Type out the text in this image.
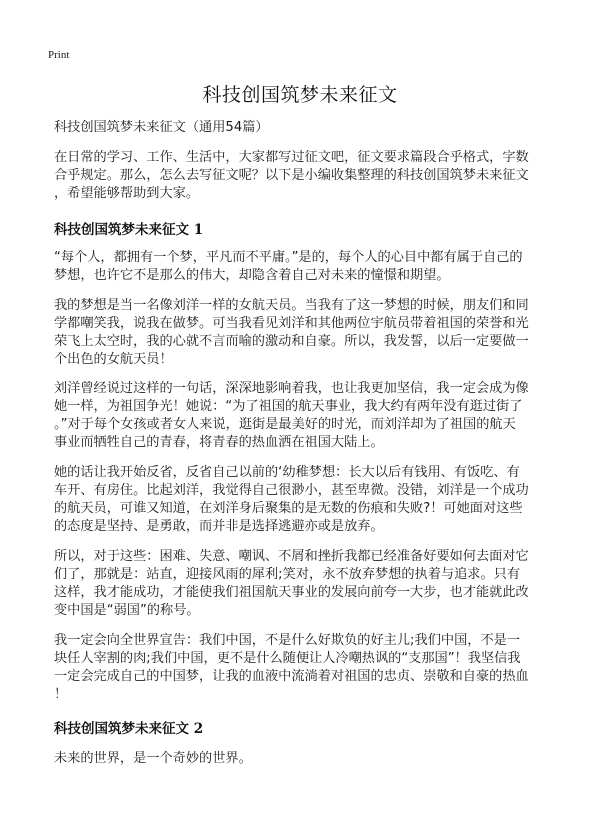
Print
科技创国筑梦未来征文
科技创国筑梦未来征文（通用54篇）
在日常的学习、工作、生活中，大家都写过征文吧，征文要求篇段合乎格式，字数
合乎规定。那么，怎么去写征文呢？以下是小编收集整理的科技创国筑梦未来征文
，希望能够帮助到大家。
科技创国筑梦未来征文 1
“每个人，都拥有一个梦，平凡而不平庸。”是的，每个人的心目中都有属于自己的
梦想，也许它不是那么的伟大，却隐含着自己对未来的憧憬和期望。
我的梦想是当一名像刘洋一样的女航天员。当我有了这一梦想的时候，朋友们和同
学都嘲笑我，说我在做梦。可当我看见刘洋和其他两位宇航员带着祖国的荣誉和光
荣飞上太空时，我的心就不言而喻的激动和自豪。所以，我发誓，以后一定要做一
个出色的女航天员！
刘洋曾经说过这样的一句话，深深地影响着我，也让我更加坚信，我一定会成为像
她一样，为祖国争光！她说：“为了祖国的航天事业，我大约有两年没有逛过街了
。”对于每个女孩或者女人来说，逛街是最美好的时光，而刘洋却为了祖国的航天
事业而牺牲自己的青春，将青春的热血洒在祖国大陆上。
她的话让我开始反省，反省自己以前的‘幼稚梦想：长大以后有钱用、有饭吃、有
车开、有房住。比起刘洋，我觉得自己很渺小，甚至卑微。没错，刘洋是一个成功
的航天员，可谁又知道，在刘洋身后聚集的是无数的伤痕和失败?！可她面对这些
的态度是坚持、是勇敢，而并非是选择逃避亦或是放弃。
所以，对于这些：困难、失意、嘲讽、不屑和挫折我都已经准备好要如何去面对它
们了，那就是：站直，迎接风雨的犀利;笑对，永不放弃梦想的执着与追求。只有
这样，我才能成功，才能使我们祖国航天事业的发展向前夸一大步，也才能就此改
变中国是“弱国”的称号。
我一定会向全世界宣告：我们中国，不是什么好欺负的好主儿;我们中国，不是一
块任人宰割的肉;我们中国，更不是什么随便让人冷嘲热讽的“支那国”！我坚信我
一定会完成自己的中国梦，让我的血液中流淌着对祖国的忠贞、崇敬和自豪的热血
！
科技创国筑梦未来征文 2
未来的世界，是一个奇妙的世界。
